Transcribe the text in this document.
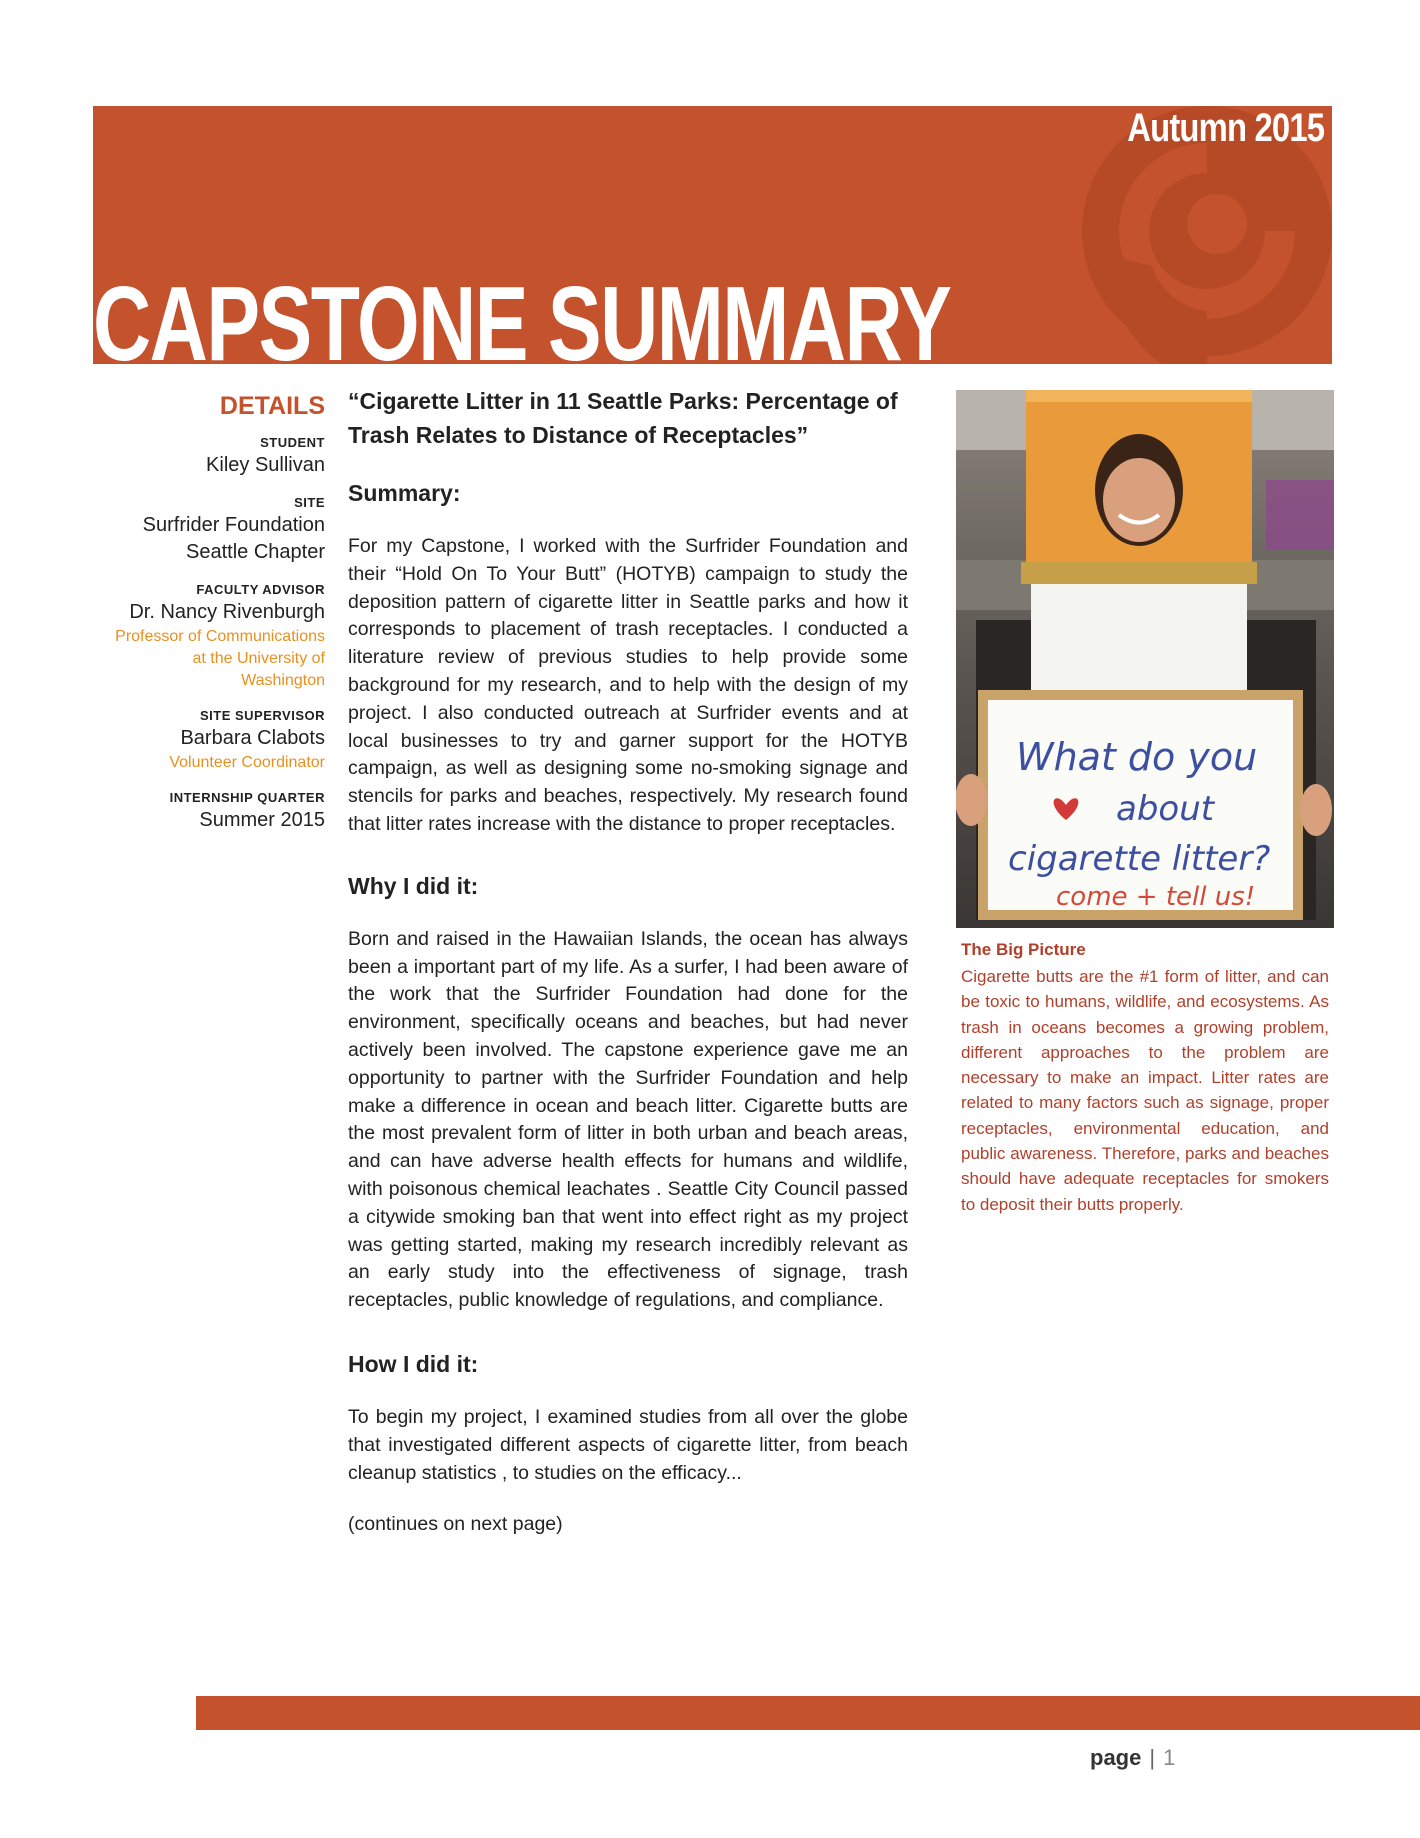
Autumn 2015
CAPSTONE SUMMARY
DETAILS
STUDENT
Kiley Sullivan
SITE
Surfrider Foundation
Seattle Chapter
FACULTY ADVISOR
Dr. Nancy Rivenburgh
Professor of Communications
at the University of
Washington
SITE SUPERVISOR
Barbara Clabots
Volunteer Coordinator
INTERNSHIP QUARTER
Summer 2015
“Cigarette Litter in 11 Seattle Parks: Percentage of Trash Relates to Distance of Receptacles”
Summary:
For my Capstone, I worked with the Surfrider Foundation and their “Hold On To Your Butt” (HOTYB) campaign to study the deposition pattern of cigarette litter in Seattle parks and how it corresponds to placement of trash receptacles. I conducted a literature review of previous studies to help provide some background for my research, and to help with the design of my project. I also conducted outreach at Surfrider events and at local businesses to try and garner support for the HOTYB campaign, as well as designing some no-smoking signage and stencils for parks and beaches, respectively. My research found that litter rates increase with the distance to proper receptacles.
Why I did it:
Born and raised in the Hawaiian Islands, the ocean has always been a important part of my life. As a surfer, I had been aware of the work that the Surfrider Foundation had done for the environment, specifically oceans and beaches, but had never actively been involved. The capstone experience gave me an opportunity to partner with the Surfrider Foundation and help make a difference in ocean and beach litter. Cigarette butts are the most prevalent form of litter in both urban and beach areas, and can have adverse health effects for humans and wildlife, with poisonous chemical leachates . Seattle City Council passed a citywide smoking ban that went into effect right as my project was getting started, making my research incredibly relevant as an early study into the effectiveness of signage, trash receptacles, public knowledge of regulations, and compliance.
How I did it:
To begin my project, I examined studies from all over the globe that investigated different aspects of cigarette litter, from beach cleanup statistics , to studies on the efficacy...
(continues on next page)
What do you
about
cigarette litter?
come + tell us!
The Big Picture
Cigarette butts are the #1 form of litter, and can be toxic to humans, wildlife, and ecosystems. As trash in oceans becomes a growing problem, different approaches to the problem are necessary to make an impact. Litter rates are related to many factors such as signage, proper receptacles, environmental education, and public awareness. Therefore, parks and beaches should have adequate receptacles for smokers to deposit their butts properly.
page | 1
